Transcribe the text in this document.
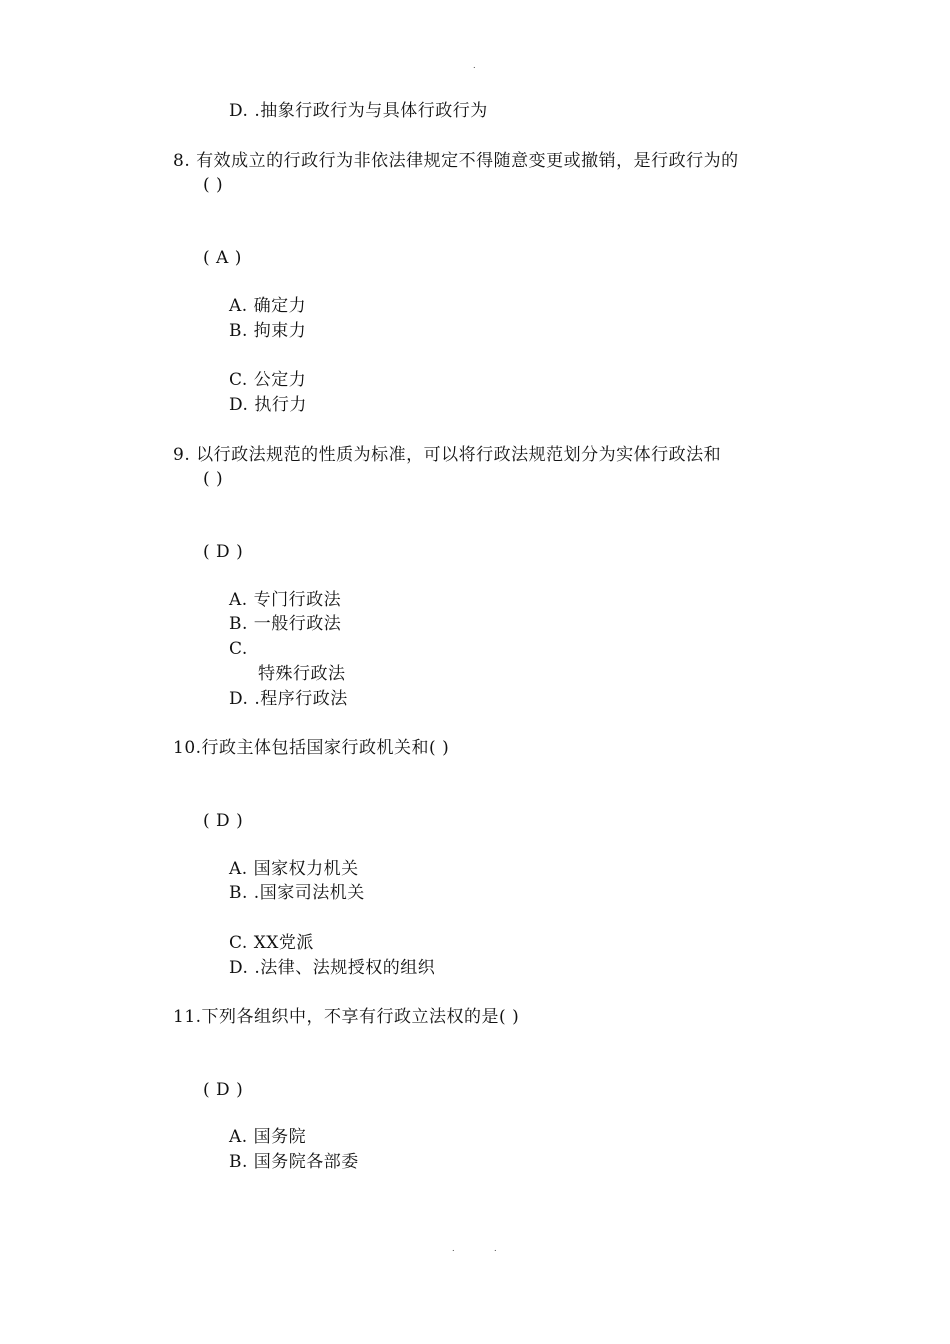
.
D. .抽象行政行为与具体行政行为
8. 有效成立的行政行为非依法律规定不得随意变更或撤销，是行政行为的
( )
( A )
A. 确定力
B. 拘束力
C. 公定力
D. 执行力
9. 以行政法规范的性质为标准，可以将行政法规范划分为实体行政法和
( )
( D )
A. 专门行政法
B. 一般行政法
C.
特殊行政法
D. .程序行政法
10.行政主体包括国家行政机关和( )
( D )
A. 国家权力机关
B. .国家司法机关
C. XX党派
D. .法律、法规授权的组织
11.下列各组织中，不享有行政立法权的是( )
( D )
A. 国务院
B. 国务院各部委
.	.
